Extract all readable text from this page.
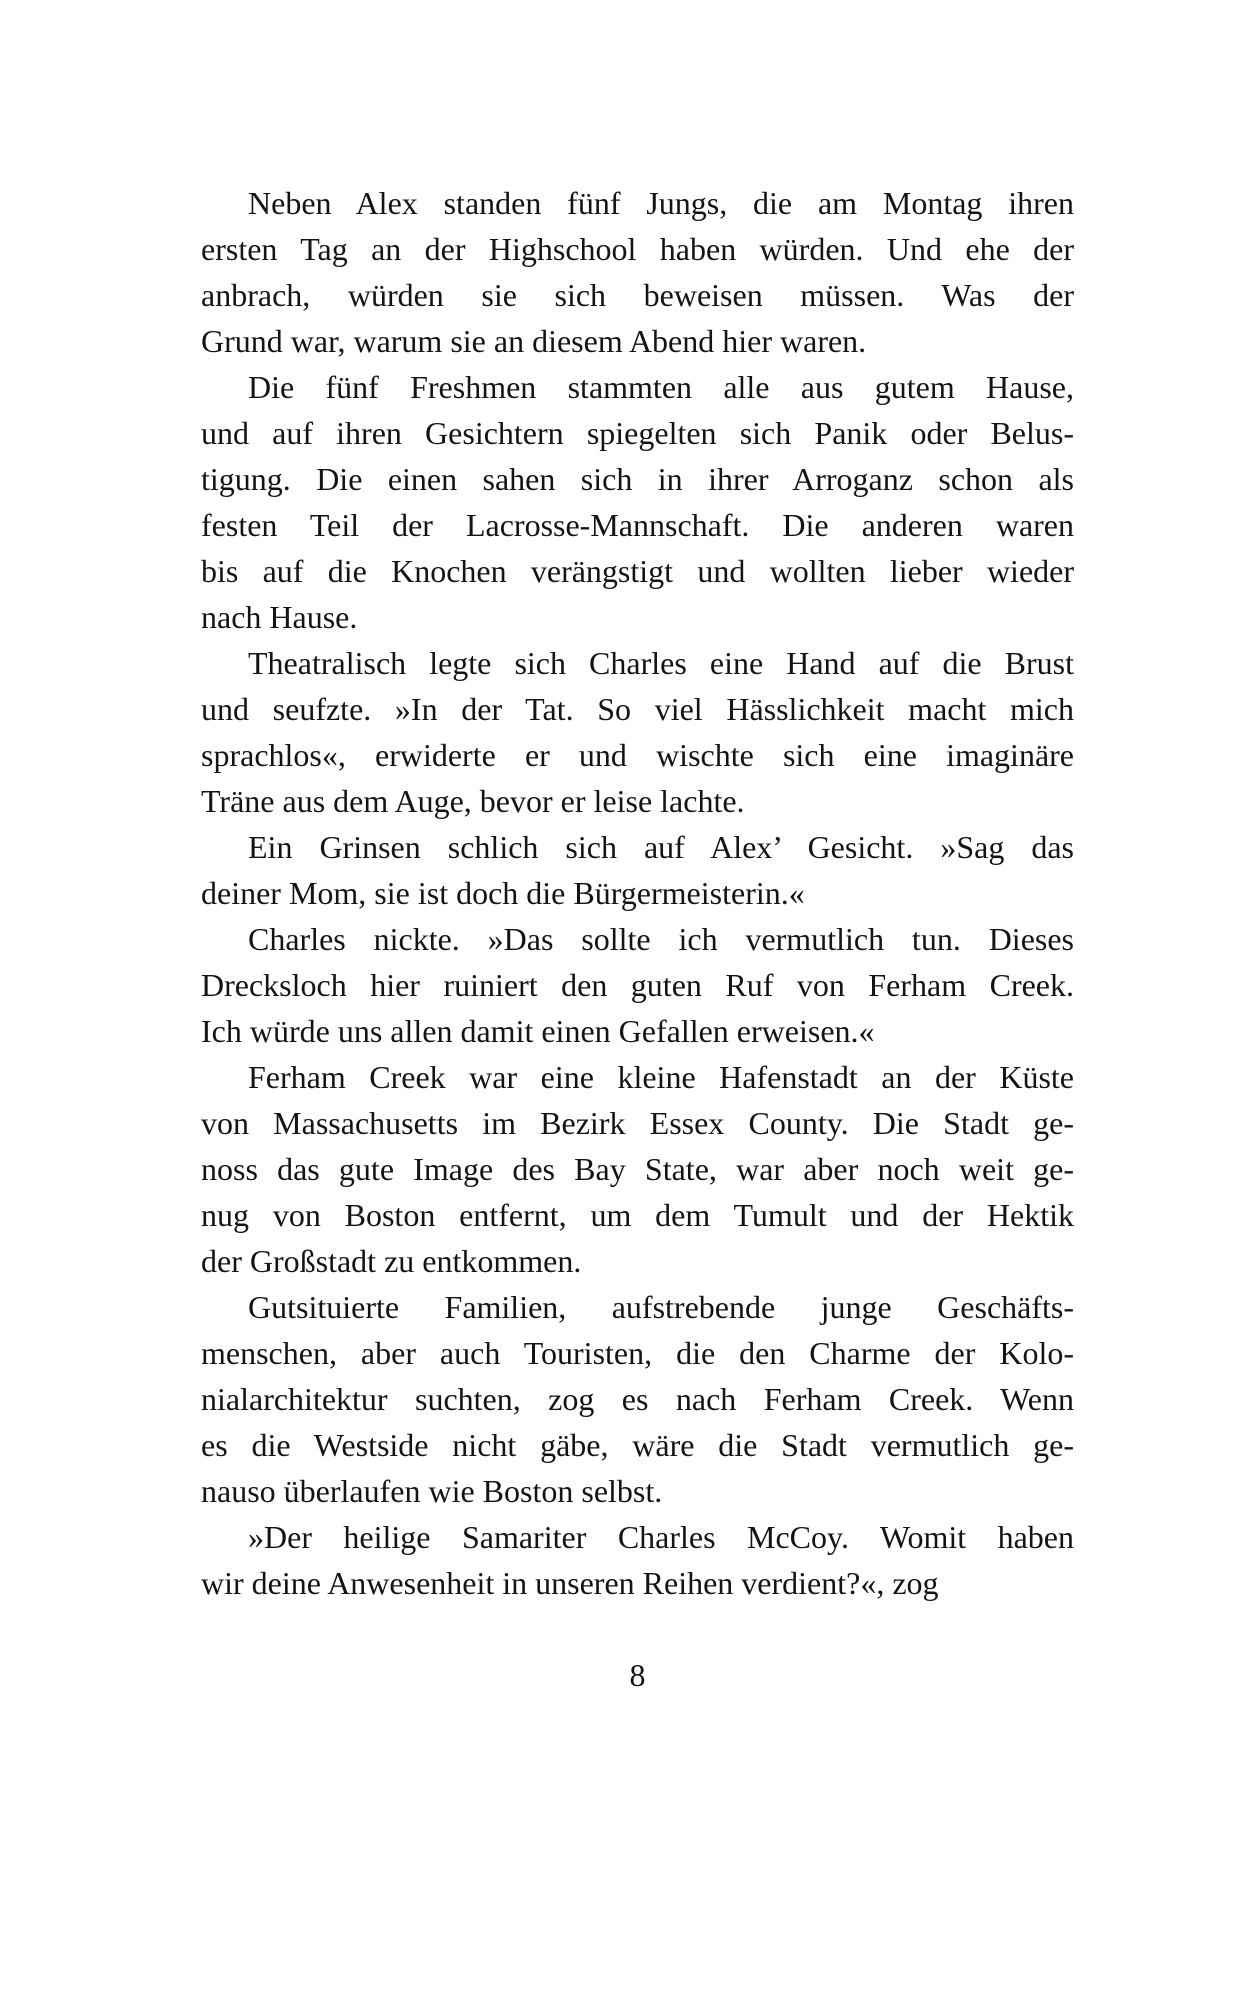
Neben Alex standen fünf Jungs, die am Montag ihren
ersten Tag an der Highschool haben würden. Und ehe der
anbrach, würden sie sich beweisen müssen. Was der
Grund war, warum sie an diesem Abend hier waren.
Die fünf Freshmen stammten alle aus gutem Hause,
und auf ihren Gesichtern spiegelten sich Panik oder Belus-
tigung. Die einen sahen sich in ihrer Arroganz schon als
festen Teil der Lacrosse-Mannschaft. Die anderen waren
bis auf die Knochen verängstigt und wollten lieber wieder
nach Hause.
Theatralisch legte sich Charles eine Hand auf die Brust
und seufzte. »In der Tat. So viel Hässlichkeit macht mich
sprachlos«, erwiderte er und wischte sich eine imaginäre
Träne aus dem Auge, bevor er leise lachte.
Ein Grinsen schlich sich auf Alex’ Gesicht. »Sag das
deiner Mom, sie ist doch die Bürgermeisterin.«
Charles nickte. »Das sollte ich vermutlich tun. Dieses
Drecksloch hier ruiniert den guten Ruf von Ferham Creek.
Ich würde uns allen damit einen Gefallen erweisen.«
Ferham Creek war eine kleine Hafenstadt an der Küste
von Massachusetts im Bezirk Essex County. Die Stadt ge-
noss das gute Image des Bay State, war aber noch weit ge-
nug von Boston entfernt, um dem Tumult und der Hektik
der Großstadt zu entkommen.
Gutsituierte Familien, aufstrebende junge Geschäfts-
menschen, aber auch Touristen, die den Charme der Kolo-
nialarchitektur suchten, zog es nach Ferham Creek. Wenn
es die Westside nicht gäbe, wäre die Stadt vermutlich ge-
nauso überlaufen wie Boston selbst.
»Der heilige Samariter Charles McCoy. Womit haben
wir deine Anwesenheit in unseren Reihen verdient?«, zog
8
